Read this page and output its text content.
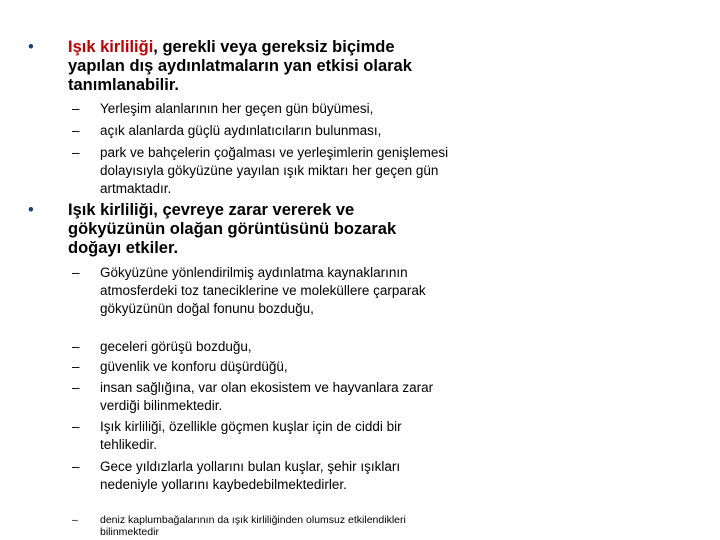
•	Işık kirliliği, gerekli veya gereksiz biçimde yapılan dış aydınlatmaların yan etkisi olarak tanımlanabilir.
– Yerleşim alanlarının her geçen gün büyümesi,
– açık alanlarda güçlü aydınlatıcıların bulunması,
– park ve bahçelerin çoğalması ve yerleşimlerin genişlemesi dolayısıyla gökyüzüne yayılan ışık miktarı her geçen gün artmaktadır.
•	Işık kirliliği, çevreye zarar vererek ve gökyüzünün olağan görüntüsünü bozarak doğayı etkiler.
– Gökyüzüne yönlendirilmiş aydınlatma kaynaklarının atmosferdeki toz taneciklerine ve moleküllere çarparak gökyüzünün doğal fonunu bozduğu,
– geceleri görüşü bozduğu,
– güvenlik ve konforu düşürdüğü,
– insan sağlığına, var olan ekosistem ve hayvanlara zarar verdiği bilinmektedir.
– Işık kirliliği, özellikle göçmen kuşlar için de ciddi bir tehlikedir.
– Gece yıldızlarla yollarını bulan kuşlar, şehir ışıkları nedeniyle yollarını kaybedebilmektedirler.
– deniz kaplumbağalarının da ışık kirliliğinden olumsuz etkilendikleri bilinmektedir
